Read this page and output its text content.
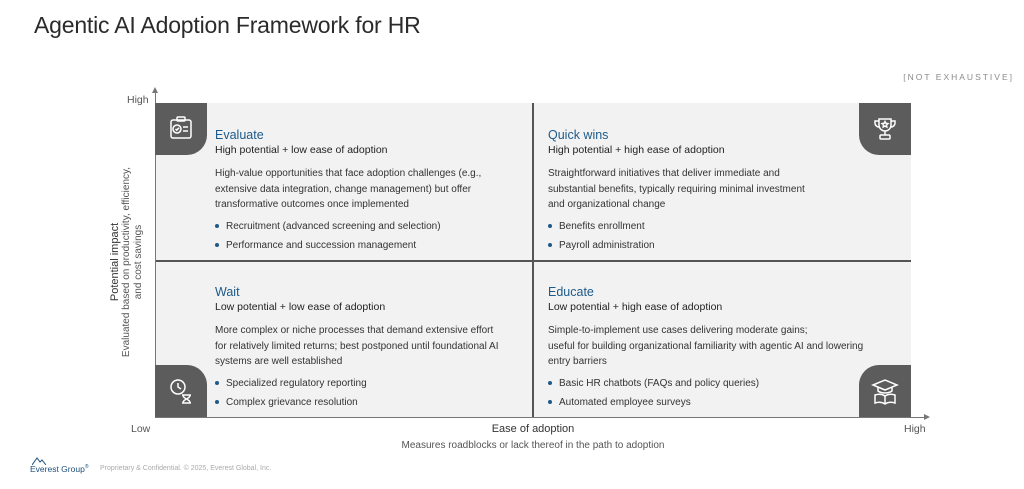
Agentic AI Adoption Framework for HR
[NOT EXHAUSTIVE]
High
Low	High
Potential impact Evaluated based on productivity, efficiency, and cost savings
Ease of adoption
Measures roadblocks or lack thereof in the path to adoption
Evaluate
High potential + low ease of adoption
High-value opportunities that face adoption challenges (e.g.,
extensive data integration, change management) but offer
transformative outcomes once implemented
Recruitment (advanced screening and selection)
Performance and succession management
Quick wins
High potential + high ease of adoption
Straightforward initiatives that deliver immediate and
substantial benefits, typically requiring minimal investment
and organizational change
Benefits enrollment
Payroll administration
Wait
Low potential + low ease of adoption
More complex or niche processes that demand extensive effort
for relatively limited returns; best postponed until foundational AI
systems are well established
Specialized regulatory reporting
Complex grievance resolution
Educate
Low potential + high ease of adoption
Simple-to-implement use cases delivering moderate gains;
useful for building organizational familiarity with agentic AI and lowering
entry barriers
Basic HR chatbots (FAQs and policy queries)
Automated employee surveys
Everest Group® Proprietary & Confidential. © 2025, Everest Global, Inc.
